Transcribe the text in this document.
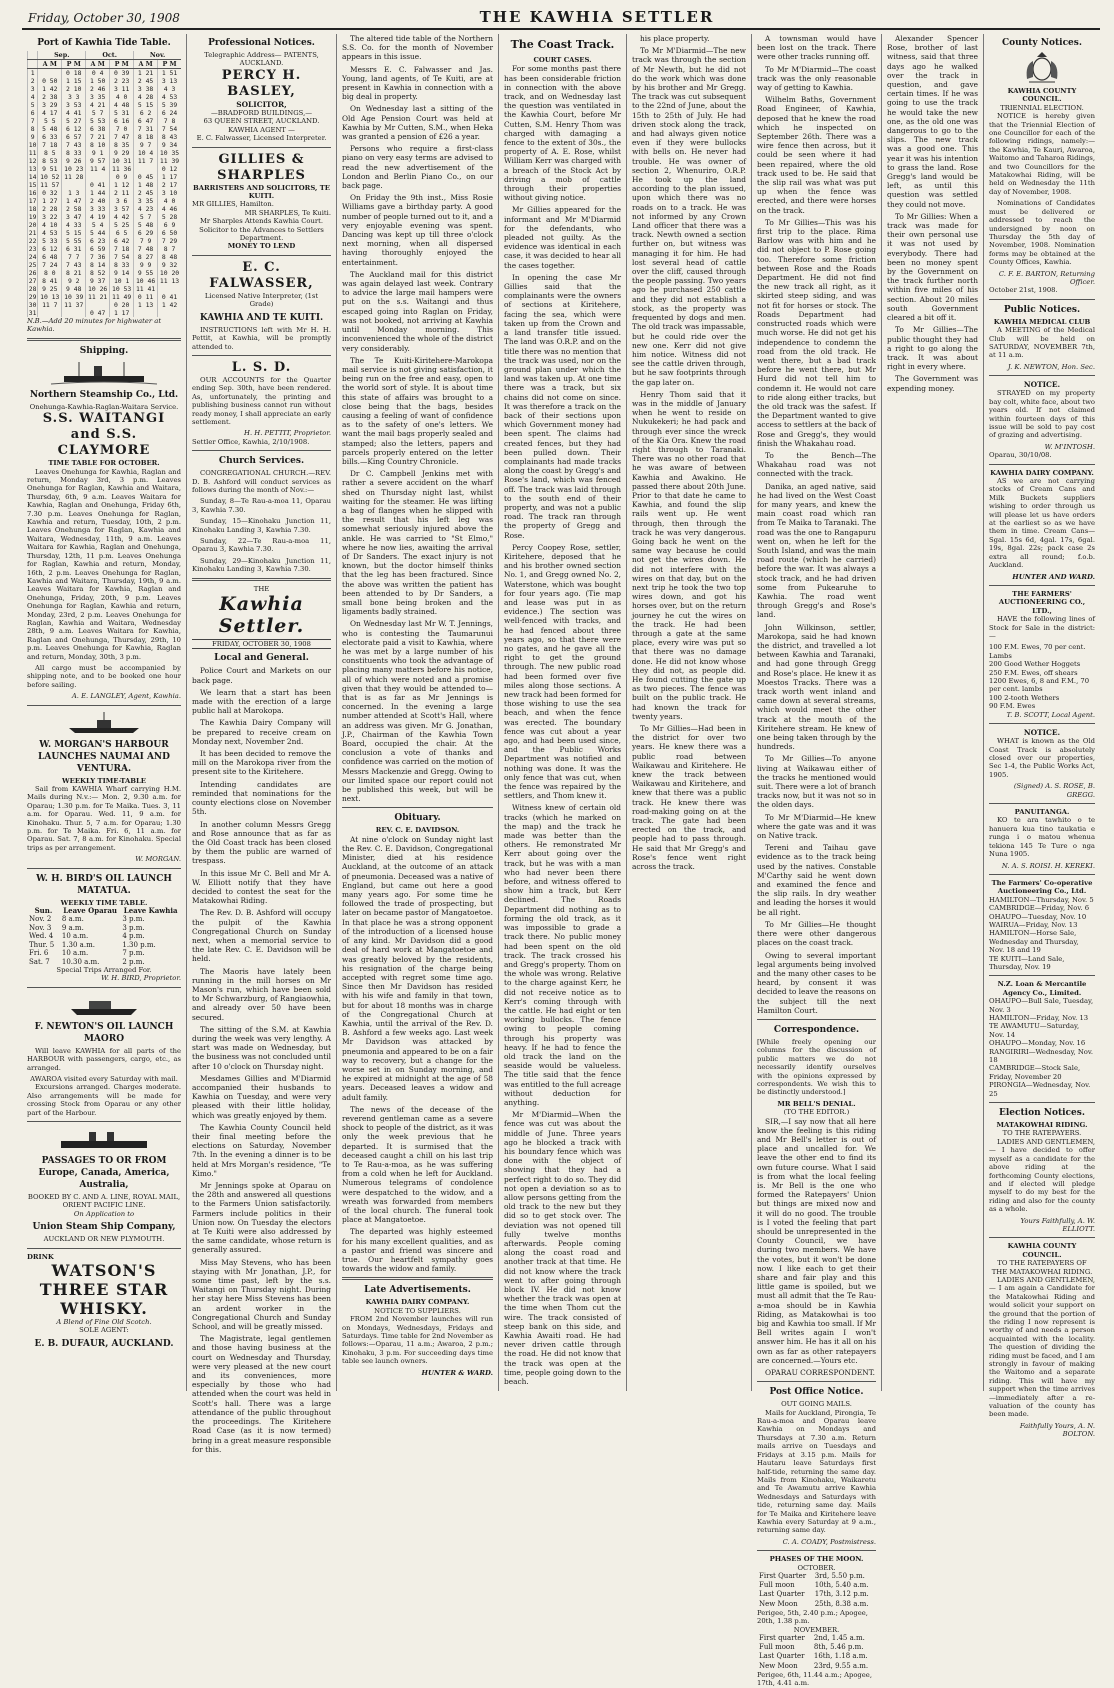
Friday, October 30, 1908	THE KAWHIA SETTLER
Port of Kawhia Tide Table.
	Sep.		Oct.		Nov.	
	A M	P M	A M	P M	A M	P M
1		0 18	0 4	0 39	1 21	1 51
2	0 50	1 15	1 50	2 23	2 45	3 13
3	1 42	2 10	2 46	3 11	3 38	4 3
4	2 38	3 3	3 35	4 0	4 28	4 53
5	3 29	3 53	4 21	4 48	5 15	5 39
6	4 17	4 41	5 7	5 31	6 2	6 24
7	5 5	5 27	5 53	6 16	6 47	7 8
8	5 48	6 12	6 38	7 0	7 31	7 54
9	6 33	6 57	7 21	7 47	8 18	8 43
10	7 18	7 43	8 10	8 35	9 7	9 34
11	8 5	8 33	9 1	9 29	10 4	10 35
12	8 53	9 26	9 57	10 31	11 7	11 39
13	9 51	10 23	11 4	11 36		0 12
14	10 52	11 28		0 9	0 45	1 17
15	11 57		0 41	1 12	1 48	2 17
16	0 32	1 3	1 44	2 11	2 45	3 10
17	1 27	1 47	2 40	3 6	3 35	4 0
18	2 28	2 58	3 33	3 57	4 23	4 46
19	3 22	3 47	4 19	4 42	5 7	5 28
20	4 10	4 33	5 4	5 25	5 48	6 9
21	4 53	5 15	5 44	6 5	6 29	6 50
22	5 33	5 55	6 23	6 42	7 9	7 29
23	6 12	6 31	6 59	7 18	7 48	8 7
24	6 48	7 7	7 36	7 54	8 27	8 48
25	7 24	7 43	8 14	8 33	9 9	9 32
26	8 0	8 21	8 52	9 14	9 55	10 20
27	8 41	9 2	9 37	10 1	10 46	11 13
28	9 25	9 48	10 26	10 53	11 41	
29	10 13	10 39	11 21	11 49	0 11	0 41
30	11 7	11 37		0 20	1 13	1 42
31			0 47	1 17		
N.B.—Add 20 minutes for highwater at Kawhia.
Shipping.
Northern Steamship Co., Ltd.
Onehunga-Kawhia-Raglan-Waitara Service.
S.S. WAITANGI and S.S. CLAYMORE
TIME TABLE FOR OCTOBER.

Leaves Onehunga for Kawhia, Raglan and return, Monday 3rd, 3 p.m. Leaves Onehunga for Raglan, Kawhia and Waitara, Thursday, 6th, 9 a.m. Leaves Waitara for Kawhia, Raglan and Onehunga, Friday 6th, 7.30 p.m. Leaves Onehunga for Raglan, Kawhia and return, Tuesday, 10th, 2 p.m. Leaves Onehunga for Raglan, Kawhia and Waitara, Wednesday, 11th, 9 a.m. Leaves Waitara for Kawhia, Raglan and Onehunga, Thursday, 12th, 11 p.m. Leaves Onehunga for Raglan, Kawhia and return, Monday, 16th, 2 p.m. Leaves Onehunga for Raglan, Kawhia and Waitara, Thursday, 19th, 9 a.m. Leaves Waitara for Kawhia, Raglan and Onehunga, Friday, 20th, 9 p.m. Leaves Onehunga for Raglan, Kawhia and return, Monday, 23rd, 2 p.m. Leaves Onehunga for Raglan, Kawhia and Waitara, Wednesday 28th, 9 a.m. Leaves Waitara for Kawhia, Raglan and Onehunga, Thursday, 29th, 10 p.m. Leaves Onehunga for Kawhia, Raglan and return, Monday, 30th, 3 p.m.

All cargo must be accompanied by shipping note, and to be booked one hour before sailing.

A. E. LANGLEY, Agent, Kawhia.
W. MORGAN'S HARBOUR LAUNCHES NAUMAI AND VENTURA.
WEEKLY TIME-TABLE

Sail from KAWHIA Wharf carrying H.M. Mails during N.v.:— Mon. 2, 9.30 a.m. for Oparau; 1.30 p.m. for Te Maika. Tues. 3, 11 a.m. for Oparau. Wed. 11, 9 a.m. for Kinohaku. Thur. 5, 7 a.m. for Oparau; 1.30 p.m. for Te Maika. Fri. 6, 11 a.m. for Oparau. Sat. 7, 8 a.m. for Kinohaku. Special trips as per arrangement.

W. MORGAN.
W. H. BIRD'S OIL LAUNCH MATATUA.
WEEKLY TIME TABLE.
Sun.	Leave Oparau	Leave Kawhia
Nov. 2	8 a.m.	3 p.m.
Nov. 3	9 a.m.	3 p.m.
Wed. 4	10 a.m.	4 p.m.
Thur. 5	1.30 a.m.	1.30 p.m.
Fri. 6	10 a.m.	7 p.m.
Sat. 7	10.30 a.m.	2 p.m.
Special Trips Arranged For.
W. H. BIRD, Proprietor.
F. NEWTON'S OIL LAUNCH MAORO

Will leave KAWHIA for all parts of the HARBOUR with passengers, cargo, etc., as arranged.

AWAROA visited every Saturday with mail.

Excursions arranged. Charges moderate. Also arrangements will be made for crossing Stock from Oparau or any other part of the Harbour.

PASSAGES TO OR FROM Europe, Canada, America, Australia,
BOOKED BY C. AND A. LINE, ROYAL MAIL, ORIENT PACIFIC LINE.
On Application to
Union Steam Ship Company,
AUCKLAND OR NEW PLYMOUTH.
DRINK
WATSON'S THREE STAR WHISKY.
A Blend of Fine Old Scotch.
SOLE AGENT:
E. B. DUFAUR, AUCKLAND.
Professional Notices.
Telegraphic Address— PATENTS, AUCKLAND.
PERCY H. BASLEY,
SOLICITOR,
—BRADFORD BUILDINGS,—
63 QUEEN STREET, AUCKLAND.
KAWHIA AGENT —
E. C. Falwasser, Licensed Interpreter.
GILLIES & SHARPLES
BARRISTERS AND SOLICITORS, TE KUITI.
MR GILLIES, Hamilton.
MR SHARPLES, Te Kuiti.
Mr Sharples Attends Kawhia Court.
Solicitor to the Advances to Settlers Department.
MONEY TO LEND
E. C. FALWASSER,
Licensed Native Interpreter, (1st Grade)
KAWHIA AND TE KUITI.

INSTRUCTIONS left with Mr H. H. Pettit, at Kawhia, will be promptly attended to.

L. S. D.

OUR ACCOUNTS for the Quarter ending Sep. 30th, have been rendered. As, unfortunately, the printing and publishing business cannot run without ready money, I shall appreciate an early settlement.

H. H. PETTIT, Proprietor.
Settler Office, Kawhia, 2/10/1908.
Church Services.

CONGREGATIONAL CHURCH.—REV. D. B. Ashford will conduct services as follows during the month of Nov.:—

Sunday, 8—Te Rau-a-moa 11, Oparau 3, Kawhia 7.30.

Sunday, 15—Kinohaku Junction 11, Kinohaku Landing 3, Kawhia 7.30.

Sunday, 22—Te Rau-a-moa 11, Oparau 3, Kawhia 7.30.

Sunday, 29—Kinohaku Junction 11, Kinohaku Landing 3, Kawhia 7.30.

THE
Kawhia Settler.
FRIDAY, OCTOBER 30, 1908
Local and General.

Police Court and Markets on our back page.

We learn that a start has been made with the erection of a large public hall at Marokopa.

The Kawhia Dairy Company will be prepared to receive cream on Monday next, November 2nd.

It has been decided to remove the mill on the Marokopa river from the present site to the Kiritehere.

Intending candidates are reminded that nominations for the county elections close on November 5th.

In another column Messrs Gregg and Rose announce that as far as the Old Coast track has been closed by them the public are warned of trespass.

In this issue Mr C. Bell and Mr A. W. Elliott notify that they have decided to contest the seat for the Matakowhai Riding.

The Rev. D. B. Ashford will occupy the pulpit of the Kawhia Congregational Church on Sunday next, when a memorial service to the late Rev. C. E. Davidson will be held.

The Maoris have lately been running in the mill horses on Mr Mason's run, which have been sold to Mr Schwarzburg, of Rangiaowhia, and already over 50 have been secured.

The sitting of the S.M. at Kawhia during the week was very lengthy. A start was made on Wednesday, but the business was not concluded until after 10 o'clock on Thursday night.

Mesdames Gillies and M'Diarmid accompanied their husbands to Kawhia on Tuesday, and were very pleased with their little holiday, which was greatly enjoyed by them.

The Kawhia County Council held their final meeting before the elections on Saturday, November 7th. In the evening a dinner is to be held at Mrs Morgan's residence, "Te Kimo."

Mr Jennings spoke at Oparau on the 28th and answered all questions to the Farmers Union satisfactorily. Farmers include politics in their Union now. On Tuesday the electors at Te Kuiti were also addressed by the same candidate, whose return is generally assured.

Miss May Stevens, who has been staying with Mr Jonathan, J.P., for some time past, left by the s.s. Waitangi on Thursday night. During her stay here Miss Stevens has been an ardent worker in the Congregational Church and Sunday School, and will be greatly missed.

The Magistrate, legal gentlemen and those having business at the court on Wednesday and Thursday, were very pleased at the new court and its conveniences, more especially by those who had attended when the court was held in Scott's hall. There was a large attendance of the public throughout the proceedings. The Kiritehere Road Case (as it is now termed) bring in a great measure responsible for this.

The altered tide table of the Northern S.S. Co. for the month of November appears in this issue.

Messrs E. C. Falwasser and Jas. Young, land agents, of Te Kuiti, are at present in Kawhia in connection with a big deal in property.

On Wednesday last a sitting of the Old Age Pension Court was held at Kawhia by Mr Cutten, S.M., when Heka was granted a pension of £26 a year.

Persons who require a first-class piano on very easy terms are advised to read the new advertisement of the London and Berlin Piano Co., on our back page.

On Friday the 9th inst., Miss Rosie Williams gave a birthday party. A good number of people turned out to it, and a very enjoyable evening was spent. Dancing was kept up till three o'clock next morning, when all dispersed having thoroughly enjoyed the entertainment.

The Auckland mail for this district was again delayed last week. Contrary to advice the large mail hampers were put on the s.s. Waitangi and thus escaped going into Raglan on Friday, was not booked, not arriving at Kawhia until Monday morning. This inconvenienced the whole of the district very considerably.

The Te Kuiti-Kiritehere-Marokopa mail service is not giving satisfaction, it being run on the free and easy, open to the world sort of style. It is about time this state of affairs was brought to a close being that the bags, besides causing a feeling of want of confidence as to the safety of one's letters. We want the mail bags properly sealed and stamped; also the letters, papers and parcels properly entered on the letter bills.—King Country Chronicle.

Dr C. Campbell Jenkins met with rather a severe accident on the wharf shed on Thursday night last, whilst waiting for the steamer. He was lifting a bag of flanges when he slipped with the result that his left leg was somewhat seriously injured above the ankle. He was carried to "St Elmo," where he now lies, awaiting the arrival of Dr Sanders. The exact injury is not known, but the doctor himself thinks that the leg has been fractured. Since the above was written the patient has been attended to by Dr Sanders, a small bone being broken and the ligaments badly strained.

On Wednesday last Mr W. T. Jennings, who is contesting the Taumarunui electorate paid a visit to Kawhia, where he was met by a large number of his constituents who took the advantage of placing many matters before his notice, all of which were noted and a promise given that they would be attended to—that is as far as Mr Jennings is concerned. In the evening a large number attended at Scott's Hall, where an address was given. Mr G. Jonathan, J.P., Chairman of the Kawhia Town Board, occupied the chair. At the conclusion a vote of thanks and confidence was carried on the motion of Messrs Mackenzie and Gregg. Owing to our limited space our report could not be published this week, but will be next.

Obituary.
REV. C. E. DAVIDSON.

At nine o'clock on Sunday night last the Rev. C. E. Davidson, Congregational Minister, died at his residence Auckland, at the outcome of an attack of pneumonia. Deceased was a native of England, but came out here a good many years ago. For some time he followed the trade of prospecting, but later on became pastor of Mangatoetoe. In that place he was a strong opponent of the introduction of a licensed house of any kind. Mr Davidson did a good deal of hard work at Mangatoetoe and was greatly beloved by the residents, his resignation of the charge being accepted with regret some time ago. Since then Mr Davidson has resided with his wife and family in that town, but for about 18 months was in charge of the Congregational Church at Kawhia, until the arrival of the Rev. D. B. Ashford a few weeks ago. Last week Mr Davidson was attacked by pneumonia and appeared to be on a fair way to recovery, but a change for the worse set in on Sunday morning, and he expired at midnight at the age of 58 years. Deceased leaves a widow and adult family.

The news of the decease of the reverend gentleman came as a severe shock to people of the district, as it was only the week previous that he departed. It is surmised that the deceased caught a chill on his last trip to Te Rau-a-moa, as he was suffering from a cold when he left for Auckland. Numerous telegrams of condolence were despatched to the widow, and a wreath was forwarded from members of the local church. The funeral took place at Mangatoetoe.

The departed was highly esteemed for his many excellent qualities, and as a pastor and friend was sincere and true. Our heartfelt sympathy goes towards the widow and family.

Late Advertisements.
KAWHIA DAIRY COMPANY.
NOTICE TO SUPPLIERS.

FROM 2nd November launches will run on Mondays, Wednesdays, Fridays and Saturdays. Time table for 2nd November as follows:—Oparau, 11 a.m.; Awaroa, 2 p.m.; Kinohaku, 3 p.m. For succeeding days time table see launch owners.

HUNTER & WARD.
The Coast Track.
COURT CASES.

For some months past there has been considerable friction in connection with the above track, and on Wednesday last the question was ventilated in the Kawhia Court, before Mr Cutten, S.M. Henry Thom was charged with damaging a fence to the extent of 30s., the property of A. E. Rose, whilst William Kerr was charged with a breach of the Stock Act by driving a mob of cattle through their properties without giving notice.

Mr Gillies appeared for the informant and Mr M'Diarmid for the defendants, who pleaded not guilty. As the evidence was identical in each case, it was decided to hear all the cases together.

In opening the case Mr Gillies said that the complainants were the owners of sections at Kiritehere, facing the sea, which were taken up from the Crown and a land transfer title issued. The land was O.R.P. and on the title there was no mention that the track was used, nor on the ground plan under which the land was taken up. At one time there was a track, but six chains did not come on since. It was therefore a track on the back of their sections upon which Government money had been spent. The claims had created fences, but they had been pulled down. Their complainants had made tracks along the coast by Gregg's and Rose's land, which was fenced off. The track was laid through to the south end of their property, and was not a public road. The track ran through the property of Gregg and Rose.

Percy Coopey Rose, settler, Kiritehere, deposed that he and his brother owned section No. 1, and Gregg owned No. 2, Waterstone, which was bought for four years ago. (Tie map and lease was put in as evidence.) The section was well-fenced with tracks, and he had fenced about three years ago, so that there were no gates, and he gave all the right to get the ground through. The new public road had been formed over five miles along those sections. A new track had been formed for those wishing to use the sea beach, and when the fence was erected. The boundary fence was cut about a year ago, and had been used since, and the Public Works Department was notified and nothing was done. It was the only fence that was cut, when the fence was repaired by the settlers, and Thom knew it.

Witness knew of certain old tracks (which he marked on the map) and the track he made was better than the others. He remonstrated Mr Kerr about going over the track, but he was with a man who had never been there before, and witness offered to show him a track, but Kerr declined. The Roads Department did nothing as to forming the old track, as it was impossible to grade a track there. No public money had been spent on the old track. The track crossed his and Gregg's property. Thom on the whole was wrong. Relative to the charge against Kerr, he did not receive notice as to Kerr's coming through with the cattle. He had eight or ten working bullocks. The fence owing to people coming through his property was heavy. If he had to fence the old track the land on the seaside would be valueless. The title said that the fence was entitled to the full acreage without deduction for anything.

Mr M'Diarmid—When the fence was cut was about the middle of June. Three years ago he blocked a track with his boundary fence which was done with the object of showing that they had a perfect right to do so. They did not open a deviation so as to allow persons getting from the old track to the new but they did so to get stock over. The deviation was not opened till fully twelve months afterwards. People coming along the coast road and another track at that time. He did not know where the track went to after going through block IV. He did not know whether the track was open at the time when Thom cut the wire. The track consisted of steep bank on this side, and Kawhia Awaiti road. He had never driven cattle through the road. He did not know that the track was open at the time, people going down to the beach.

his place property.

To Mr M'Diarmid—The new track was through the section of Mr Newth, but he did not do the work which was done by his brother and Mr Gregg. The track was cut subsequent to the 22nd of June, about the 15th to 25th of July. He had driven stock along the track, and had always given notice even if they were bullocks with bells on. He never had trouble. He was owner of section 2, Whenuriro, O.R.P. He took up the land according to the plan issued, upon which there was no roads on to a track. He was not informed by any Crown Land officer that there was a track. Newth owned a section further on, but witness was managing it for him. He had lost several head of cattle over the cliff, caused through the people passing. Two years ago he purchased 250 cattle and they did not establish a stock, as the property was frequented by dogs and men. The old track was impassable, but he could ride over the new one. Kerr did not give him notice. Witness did not see the cattle driven through, but he saw footprints through the gap later on.

Henry Thom said that it was in the middle of January when he went to reside on Nukukekeri; he had pack and through ever since the wreck of the Kia Ora. Knew the road right through to Taranaki. There was no other road that he was aware of between Kawhia and Awakino. He passed there about 20th June. Prior to that date he came to Kawhia, and found the slip rails went up. He went through, then through the track he was very dangerous. Going back he went on the same way because he could not get the wires down. He did not interfere with the wires on that day, but on the next trip he took the two top wires down, and got his horses over, but on the return journey he cut the wires on the track. He had been through a gate at the same place, every wire was put so that there was no damage done. He did not know whose they did not, as people did. He found cutting the gate up as two pieces. The fence was built on the public track. He had known the track for twenty years.

To Mr Gillies—Had been in the district for over two years. He knew there was a public road between Waikawau and Kiritehere. He knew the track between Waikawau and Kiritehere, and knew that there was a public track. He knew there was road-making going on at the track. The gate had been erected on the track, and people had to pass through. He said that Mr Gregg's and Rose's fence went right across the track.

A townsman would have been lost on the track. There were other tracks running off.

To Mr M'Diarmid—The coast track was the only reasonable way of getting to Kawhia.

Wilhelm Baths, Government Road Engineer, of Kawhia, deposed that he knew the road which he inspected on September 26th. There was a wire fence then across, but it could be seen where it had been repaired, where the old track used to be. He said that the slip rail was what was put up when the fence was erected, and there were horses on the track.

To Mr Gillies—This was his first trip to the place. Rima Barlow was with him and he did not object to P. Rose going too. Therefore some friction between Rose and the Roads Department. He did not find the new track all right, as it skirted steep siding, and was not fit for horses or stock. The Roads Department had constructed roads which were much worse. He did not get his independence to condemn the road from the old track. He went there, but a bad track before he went there, but Mr Hurd did not tell him to condemn it. He would not care to ride along either tracks, but the old track was the safest. If the Department wanted to give access to settlers at the back of Rose and Gregg's, they would finish the Whakahau road.

To the Bench—The Whakahau road was not connected with the track.

Danika, an aged native, said he had lived on the West Coast for many years, and knew the main coast road which ran from Te Maika to Taranaki. The road was the one to Rangapuru went on, when he left for the South Island, and was the main road route (which he carried) before the war. It was always a stock track, and he had driven some from Pukearuhe to Kawhia. The road went through Gregg's and Rose's land.

John Wilkinson, settler, Marokopa, said he had known the district, and travelled a lot between Kawhia and Taranaki, and had gone through Gregg and Rose's place. He knew it as Moestos Tracks. There was a track worth went inland and came down at several streams, which would meet the other track at the mouth of the Kiritehere stream. He knew of one being taken through by the hundreds.

To Mr Gillies—To anyone living at Waikawau either of the tracks he mentioned would suit. There were a lot of branch tracks now, but it was not so in the olden days.

To Mr M'Diarmid—He knew where the gate was and it was on Native track.

Tereni and Taihau gave evidence as to the track being used by the natives. Constable M'Carthy said he went down and examined the fence and the slip rails. In dry weather and leading the horses it would be all right.

To Mr Gillies—He thought there were other dangerous places on the coast track.

Owing to several important legal arguments being involved and the many other cases to be heard, by consent it was decided to leave the reasons on the subject till the next Hamilton Court.

Correspondence.

[While freely opening our columns for the discussion of public matters we do not necessarily identify ourselves with the opinions expressed by correspondents. We wish this to be distinctly understood.]

MR BELL'S DENIAL.
(TO THE EDITOR.)

SIR,—I say now that all here know the feeling is this riding and Mr Bell's letter is out of place and uncalled for. We leave the other end to find its own future course. What I said is from what the local feeling is. Mr Bell is the one who formed the Ratepayers' Union but things are mixed now and it will do no good. The trouble is I voted the feeling that part should be unrepresented in the County Council, we have during two members. We have the votes, but it won't be done now. I like each to get their share and fair play and this little game is spoiled, but we must all admit that the Te Rau-a-moa should be in Kawhia Riding, as Matakowhai is too big and Kawhia too small. If Mr Bell writes again I won't answer him. He has it all on his own as far as other ratepayers are concerned.—Yours etc.

OPARAU CORRESPONDENT.

Post Office Notice.
OUT GOING MAILS.

Mails for Auckland, Pirongia, Te Rau-a-moa and Oparau leave Kawhia on Mondays and Thursdays at 7.30 a.m. Return mails arrive on Tuesdays and Fridays at 3.15 p.m. Mails for Hautaru leave Saturdays first half-tide, returning the same day. Mails from Kinohaku, Waikaretu and Te Awamutu arrive Kawhia Wednesdays and Saturdays with tide, returning same day. Mails for Te Maika and Kiritehere leave Kawhia every Saturday at 9 a.m., returning same day.

C. A. COADY, Postmistress.
PHASES OF THE MOON.
OCTOBER.
First Quarter	3rd, 5.50 p.m.
Full moon	10th, 5.40 a.m.
Last Quarter	17th, 3.12 p.m.
New Moon	25th, 8.38 a.m.
Perigee, 5th, 2.40 p.m.; Apogee, 20th, 1.38 p.m.
NOVEMBER.
First quarter	2nd, 1.45 a.m.
Full moon	8th, 5.46 p.m.
Last Quarter	16th, 1.18 a.m.
New Moon	23rd, 9.55 a.m.
Perigee, 6th, 11.44 a.m.; Apogee, 17th, 4.41 a.m.

Alexander Spencer Rose, brother of last witness, said that three days ago he walked over the track in question, and gave certain times. If he was going to use the track he would take the new one, as the old one was dangerous to go to the slips. The new track was a good one. This year it was his intention to grass the land. Rose Gregg's land would be left, as until this question was settled they could not move.

To Mr Gillies: When a track was made for their own personal use it was not used by everybody. There had been no money spent by the Government on the track further north within five miles of his section. About 20 miles south Government cleared a bit off it.

To Mr Gillies—The public thought they had a right to go along the track. It was about right in every where.

The Government was expending money.

County Notices.
KAWHIA COUNTY COUNCIL.
TRIENNIAL ELECTION.

NOTICE is hereby given that the Triennial Election of one Councillor for each of the following ridings, namely:—the Kawhia, Te Kauri, Awaroa, Waitomo and Taharoa Ridings, and two Councillors for the Matakowhai Riding, will be held on Wednesday the 11th day of November, 1908.

Nominations of Candidates must be delivered or addressed to reach the undersigned by noon on Thursday the 5th day of November, 1908. Nomination forms may be obtained at the County Offices, Kawhia.

C. F. E. BARTON, Returning Officer.
October 21st, 1908.
Public Notices.
KAWHIA MEDICAL CLUB

A MEETING of the Medical Club will be held on SATURDAY, NOVEMBER 7th, at 11 a.m.

J. K. NEWTON, Hon. Sec.
NOTICE.

STRAYED on my property bay colt, white face, about two years old. If not claimed within fourteen days of this issue will be sold to pay cost of grazing and advertising.

W. M'INTOSH.
Oparau, 30/10/08.
KAWHIA DAIRY COMPANY.

AS we are not carrying stocks of Cream Cans and Milk Buckets suppliers wishing to order through us will please let us have orders at the earliest so as we have them in time. Cream Cans—Sgal. 15s 6d, 4gal. 17s, 6gal. 19s, 8gal. 22s; pack case 2s extra all round; f.o.b. Auckland.

HUNTER AND WARD.
THE FARMERS' AUCTIONEERING CO., LTD.,

HAVE the following lines of Stock for Sale in the district:—

100 F.M. Ewes, 70 per cent. Lambs
200 Good Wether Hoggets
250 F.M. Ewes, off shears
1200 Ewes, 6, 8 and F.M., 70 per cent. lambs
100 2-tooth Wethers
90 F.M. Ewes
T. B. SCOTT, Local Agent.
NOTICE.

WHAT is known as the Old Coast Track is absolutely closed over our properties, Sec 1-4, the Public Works Act, 1905.

(Signed) A. S. ROSE, B. GREGG.
PANUITANGA.

KO te ara tawhito o te hanuera kua tino taukatia e runga i o matou whenua tekiona 145 Te Ture o nga Nuna 1905.

N. A. S. ROISI. H. KEREKI.
The Farmers' Co-operative Auctioneering Co., Ltd.
HAMILTON—Thursday, Nov. 5
CAMBRIDGE—Friday, Nov. 6
OHAUPO—Tuesday, Nov. 10
WAIRUA—Friday, Nov. 13
HAMILTON—Horse Sale, Wednesday and Thursday, Nov. 18 and 19
TE KUITI—Land Sale, Thursday, Nov. 19
N.Z. Loan & Mercantile Agency Co., Limited.
OHAUPO—Bull Sale, Tuesday, Nov. 3
HAMILTON—Friday, Nov. 13
TE AWAMUTU—Saturday, Nov. 14
OHAUPO—Monday, Nov. 16
RANGIRIRI—Wednesday, Nov. 18
CAMBRIDGE—Stock Sale, Friday, November 20
PIRONGIA—Wednesday, Nov. 25
Election Notices.
MATAKOWHAI RIDING.
TO THE RATEPAYERS.

LADIES AND GENTLEMEN,— I have decided to offer myself as a candidate for the above riding at the forthcoming County elections, and if elected will pledge myself to do my best for the riding and also for the county as a whole.

Yours Faithfully, A. W. ELLIOTT.
KAWHIA COUNTY COUNCIL.
TO THE RATEPAYERS OF THE MATAKOWHAI RIDING.

LADIES AND GENTLEMEN,— I am again a Candidate for the Matakowhai Riding and would solicit your support on the ground that the portion of the riding I now represent is worthy of and needs a person acquainted with the locality. The question of dividing the riding must be faced, and I am strongly in favour of making the Waitomo and a separate riding. This will have my support when the time arrives—immediately after a re-valuation of the county has been made.

Faithfully Yours, A. N. BOLTON.
